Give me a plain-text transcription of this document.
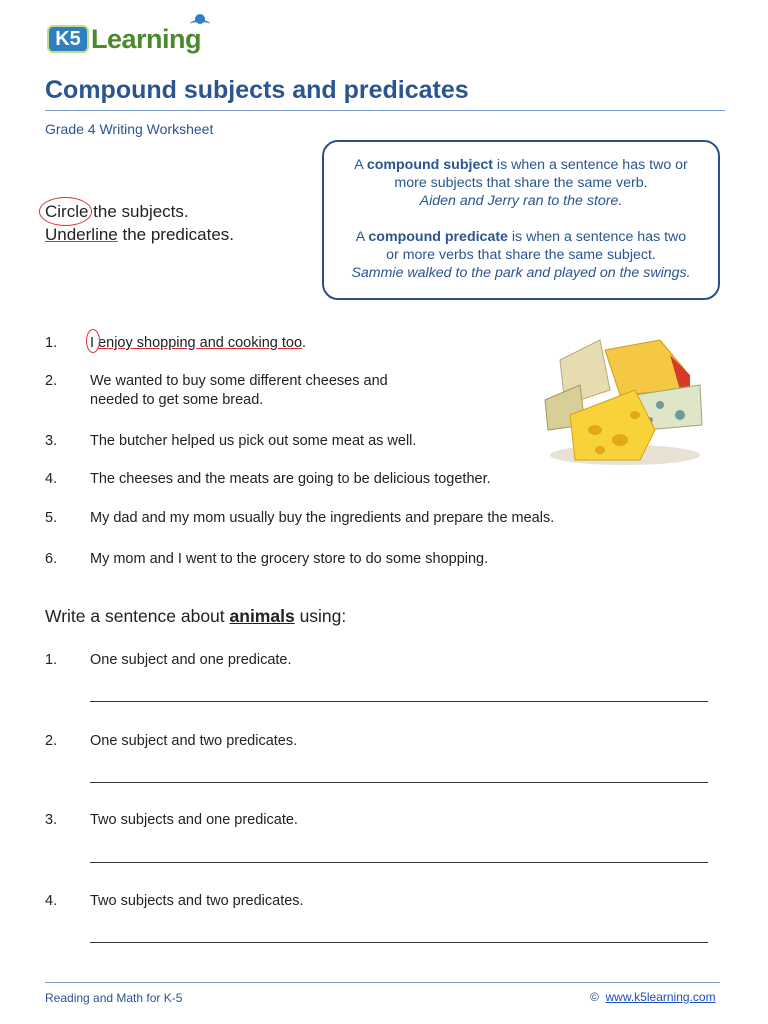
K5 Learning
Compound subjects and predicates
Grade 4 Writing Worksheet
A compound subject is when a sentence has two or
more subjects that share the same verb.
Aiden and Jerry ran to the store.
A compound predicate is when a sentence has two
or more verbs that share the same subject.
Sammie walked to the park and played on the swings.
Circle the subjects.
Underline the predicates.
1. I enjoy shopping and cooking too.
2. We wanted to buy some different cheeses and
needed to get some bread.
3. The butcher helped us pick out some meat as well.
4. The cheeses and the meats are going to be delicious together.
5. My dad and my mom usually buy the ingredients and prepare the meals.
6. My mom and I went to the grocery store to do some shopping.
Write a sentence about animals using:
1. One subject and one predicate.
2. One subject and two predicates.
3. Two subjects and one predicate.
4. Two subjects and two predicates.
Reading and Math for K-5	© www.k5learning.com
